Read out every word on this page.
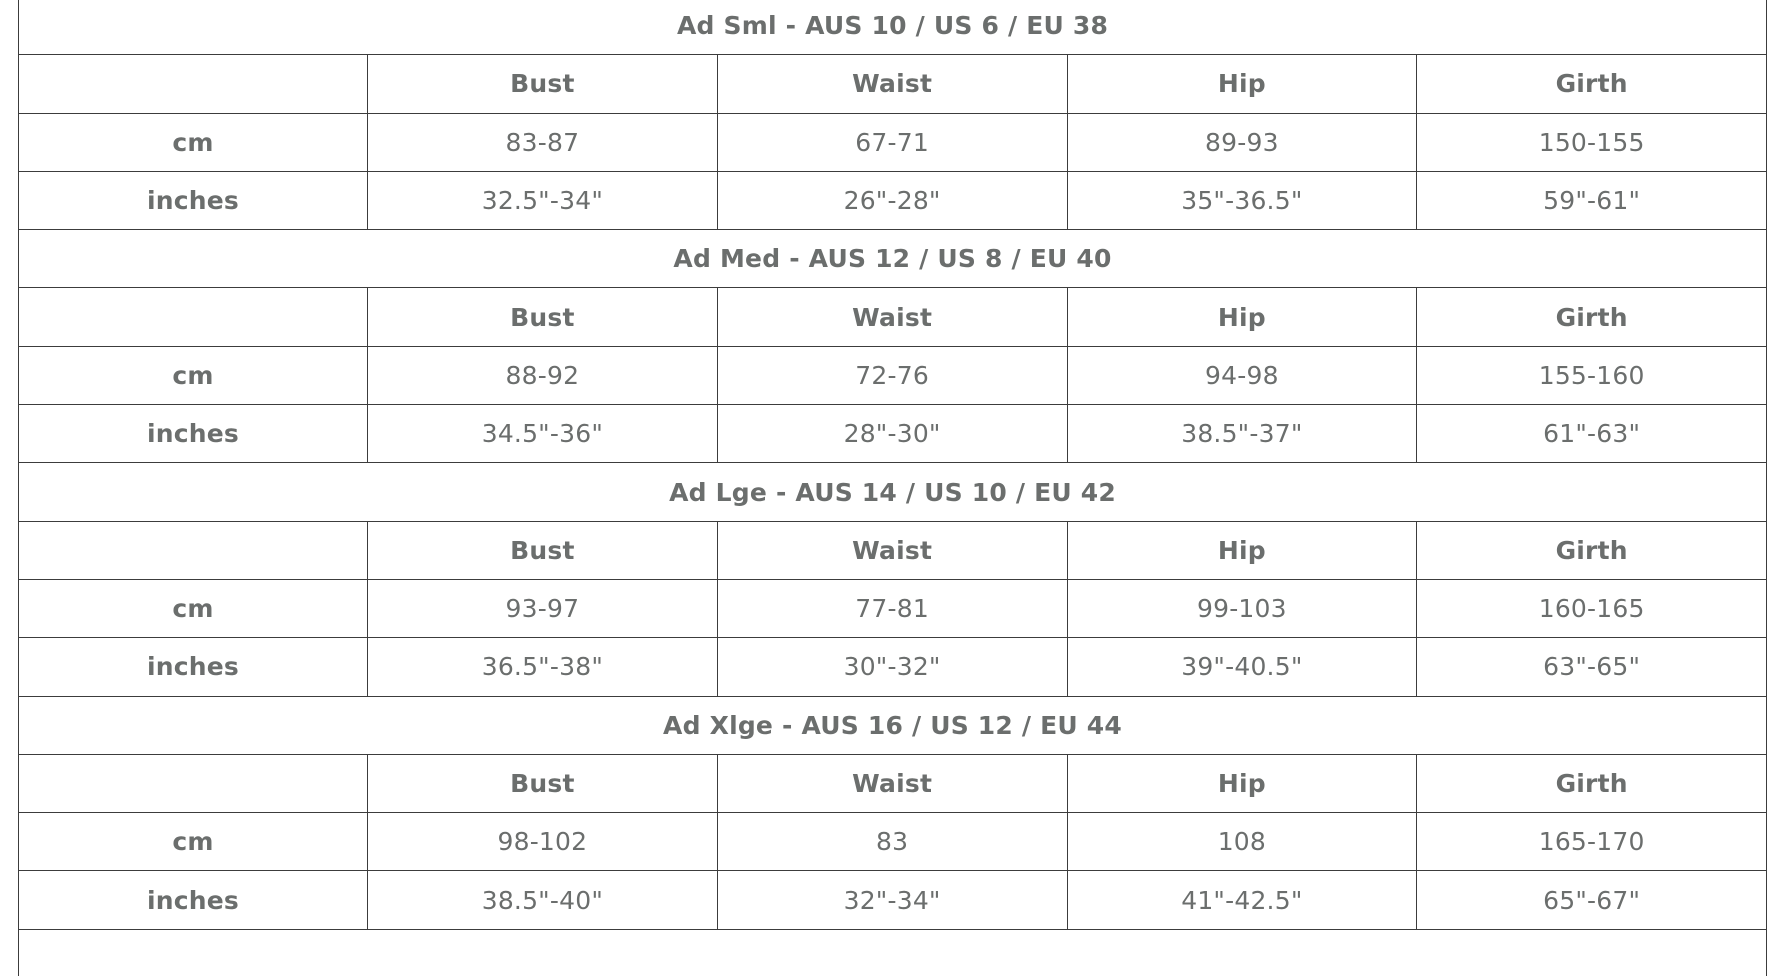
Ad Sml - AUS 10 / US 6 / EU 38				
	Bust	Waist	Hip	Girth
cm	83-87	67-71	89-93	150-155
inches	32.5"-34"	26"-28"	35"-36.5"	59"-61"
Ad Med - AUS 12 / US 8 / EU 40				
	Bust	Waist	Hip	Girth
cm	88-92	72-76	94-98	155-160
inches	34.5"-36"	28"-30"	38.5"-37"	61"-63"
Ad Lge - AUS 14 / US 10 / EU 42				
	Bust	Waist	Hip	Girth
cm	93-97	77-81	99-103	160-165
inches	36.5"-38"	30"-32"	39"-40.5"	63"-65"
Ad Xlge - AUS 16 / US 12 / EU 44				
	Bust	Waist	Hip	Girth
cm	98-102	83	108	165-170
inches	38.5"-40"	32"-34"	41"-42.5"	65"-67"
